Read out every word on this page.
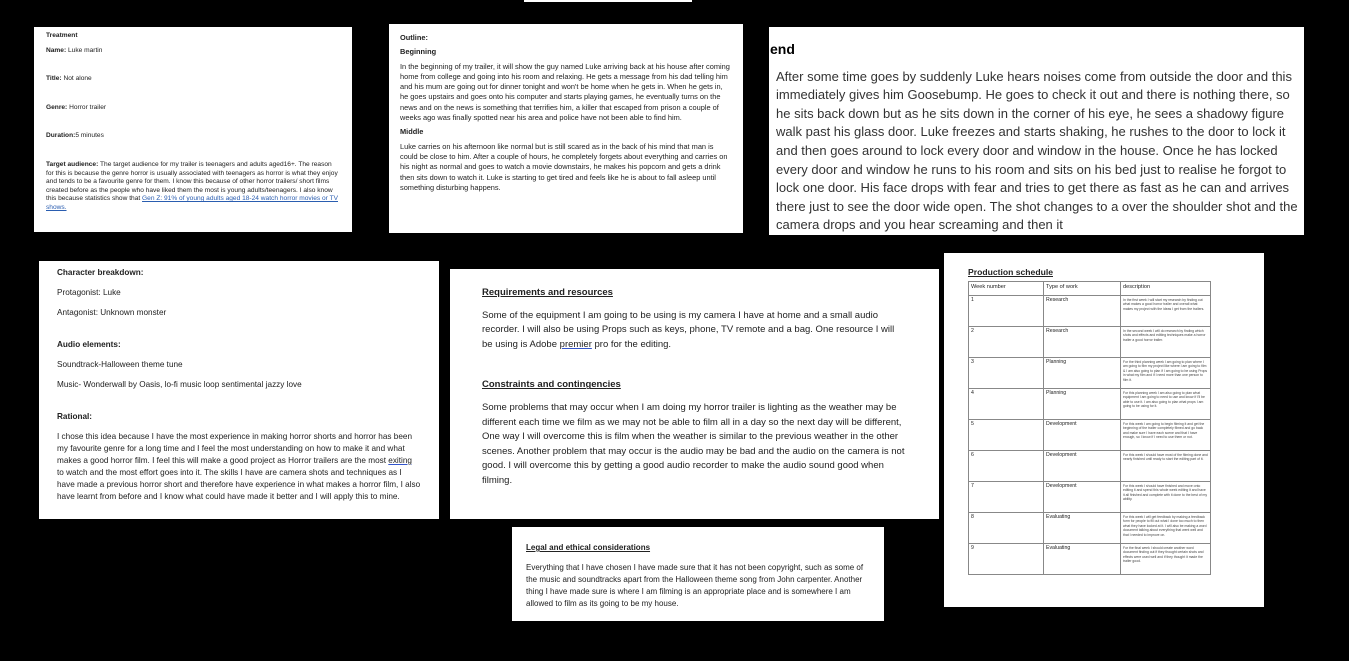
Treatment

Name: Luke martin

Title: Not alone

Genre: Horror trailer

Duration:5 minutes

Target audience: The target audience for my trailer is teenagers and adults aged16+. The reason for this is because the genre horror is usually associated with teenagers as horror is what they enjoy and tends to be a favourite genre for them. I know this because of other horror trailers/ short films created before as the people who have liked them the most is young adults/teenagers. I also know this because statistics show that Gen Z: 91% of young adults aged 18-24 watch horror movies or TV shows.

Outline:

Beginning

In the beginning of my trailer, it will show the guy named Luke arriving back at his house after coming home from college and going into his room and relaxing. He gets a message from his dad telling him and his mum are going out for dinner tonight and won't be home when he gets in. When he gets in, he goes upstairs and goes onto his computer and starts playing games, he eventually turns on the news and on the news is something that terrifies him, a killer that escaped from prison a couple of weeks ago was finally spotted near his area and police have not been able to find him.

Middle

Luke carries on his afternoon like normal but is still scared as in the back of his mind that man is could be close to him. After a couple of hours, he completely forgets about everything and carries on his night as normal and goes to watch a movie downstairs, he makes his popcorn and gets a drink then sits down to watch it. Luke is starting to get tired and feels like he is about to fall asleep until something disturbing happens.

end

After some time goes by suddenly Luke hears noises come from outside the door and this immediately gives him Goosebump. He goes to check it out and there is nothing there, so he sits back down but as he sits down in the corner of his eye, he sees a shadowy figure walk past his glass door. Luke freezes and starts shaking, he rushes to the door to lock it and then goes around to lock every door and window in the house. Once he has locked every door and window he runs to his room and sits on his bed just to realise he forgot to lock one door. His face drops with fear and tries to get there as fast as he can and arrives there just to see the door wide open. The shot changes to a over the shoulder shot and the camera drops and you hear screaming and then it

Character breakdown:

Protagonist: Luke

Antagonist: Unknown monster

Audio elements:

Soundtrack-Halloween theme tune

Music- Wonderwall by Oasis, lo-fi music loop sentimental jazzy love

Rational:

I chose this idea because I have the most experience in making horror shorts and horror has been my favourite genre for a long time and I feel the most understanding on how to make it and what makes a good horror film. I feel this will make a good project as Horror trailers are the most exiting to watch and the most effort goes into it. The skills I have are camera shots and techniques as I have made a previous horror short and therefore have experience in what makes a horror film, I also have learnt from before and I know what could have made it better and I will apply this to mine.

Requirements and resources

Some of the equipment I am going to be using is my camera I have at home and a small audio recorder. I will also be using Props such as keys, phone, TV remote and a bag. One resource I will be using is Adobe premier pro for the editing.

Constraints and contingencies

Some problems that may occur when I am doing my horror trailer is lighting as the weather may be different each time we film as we may not be able to film all in a day so the next day will be different, One way I will overcome this is film when the weather is similar to the previous weather in the other scenes. Another problem that may occur is the audio may be bad and the audio on the camera is not good. I will overcome this by getting a good audio recorder to make the audio sound good when filming.

Legal and ethical considerations

Everything that I have chosen I have made sure that it has not been copyright, such as some of the music and soundtracks apart from the Halloween theme song from John carpenter. Another thing I have made sure is where I am filming is an appropriate place and is somewhere I am allowed to film as its going to be my house.

Production schedule
Week number	Type of work	description
1	Research	In the first week I will start my research by finding out what makes a good horror trailer and overall what makes my project with the ideas I get from the trailers.
2	Research	In the second week I will do research by finding which shots and effects and editing techniques make a horror trailer a good horror trailer.
3	Planning	For the third planning week I am going to plan where I am going to film my project like where I am going to film & I am also going to plan if I am going to be using Props in what my film and if I need more than one person to film it.
4	Planning	For this planning week I am also going to plan what equipment I am going to need to use and know if I'll be able to use it. I am also going to plan what props I am going to be using for it.
5	Development	For this week I am going to begin filming it and get the beginning of the trailer completely filmed and go back and make sure I have each scene and that I have enough, so I know if I need to use them or not.
6	Development	For this week I should have most of the filming done and nearly finished until ready to start the editing part of it.
7	Development	For this week I should have finished and move onto editing it and spend this whole week editing it and have it all finished and complete with it done to the best of my ability.
8	Evaluating	For this week I will get feedback by making a feedback form for people to fill out what I done too much to then what they have looked at it. I will also be making a word document talking about everything that went well and that I needed to improve on.
9	Evaluating	For the final week I should create another word document finding out if they thought certain shots and effects were used well and if they thought it made the trailer good.
